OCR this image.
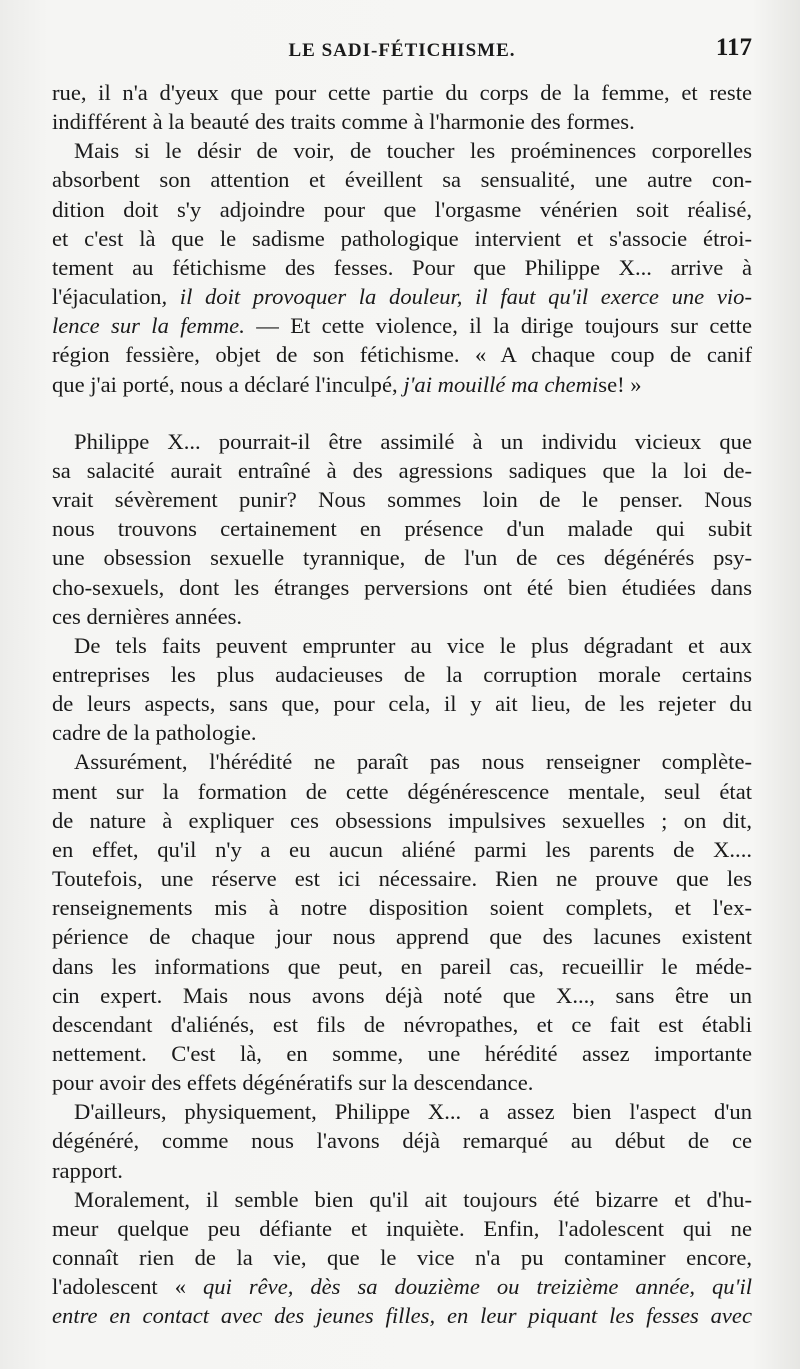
LE SADI-FÉTICHISME.	117

rue, il n'a d'yeux que pour cette partie du corps de la femme, et reste
indifférent à la beauté des traits comme à l'harmonie des formes.

Mais si le désir de voir, de toucher les proéminences corporelles
absorbent son attention et éveillent sa sensualité, une autre con-
dition doit s'y adjoindre pour que l'orgasme vénérien soit réalisé,
et c'est là que le sadisme pathologique intervient et s'associe étroi-
tement au fétichisme des fesses. Pour que Philippe X... arrive à
l'éjaculation, il doit provoquer la douleur, il faut qu'il exerce une vio-
lence sur la femme. — Et cette violence, il la dirige toujours sur cette
région fessière, objet de son fétichisme. « A chaque coup de canif
que j'ai porté, nous a déclaré l'inculpé, j'ai mouillé ma chemise! »

Philippe X... pourrait-il être assimilé à un individu vicieux que
sa salacité aurait entraîné à des agressions sadiques que la loi de-
vrait sévèrement punir? Nous sommes loin de le penser. Nous
nous trouvons certainement en présence d'un malade qui subit
une obsession sexuelle tyrannique, de l'un de ces dégénérés psy-
cho-sexuels, dont les étranges perversions ont été bien étudiées dans
ces dernières années.

De tels faits peuvent emprunter au vice le plus dégradant et aux
entreprises les plus audacieuses de la corruption morale certains
de leurs aspects, sans que, pour cela, il y ait lieu, de les rejeter du
cadre de la pathologie.

Assurément, l'hérédité ne paraît pas nous renseigner complète-
ment sur la formation de cette dégénérescence mentale, seul état
de nature à expliquer ces obsessions impulsives sexuelles ; on dit,
en effet, qu'il n'y a eu aucun aliéné parmi les parents de X....
Toutefois, une réserve est ici nécessaire. Rien ne prouve que les
renseignements mis à notre disposition soient complets, et l'ex-
périence de chaque jour nous apprend que des lacunes existent
dans les informations que peut, en pareil cas, recueillir le méde-
cin expert. Mais nous avons déjà noté que X..., sans être un
descendant d'aliénés, est fils de névropathes, et ce fait est établi
nettement. C'est là, en somme, une hérédité assez importante
pour avoir des effets dégénératifs sur la descendance.

D'ailleurs, physiquement, Philippe X... a assez bien l'aspect d'un
dégénéré, comme nous l'avons déjà remarqué au début de ce
rapport.

Moralement, il semble bien qu'il ait toujours été bizarre et d'hu-
meur quelque peu défiante et inquiète. Enfin, l'adolescent qui ne
connaît rien de la vie, que le vice n'a pu contaminer encore,
l'adolescent « qui rêve, dès sa douzième ou treizième année, qu'il
entre en contact avec des jeunes filles, en leur piquant les fesses avec
